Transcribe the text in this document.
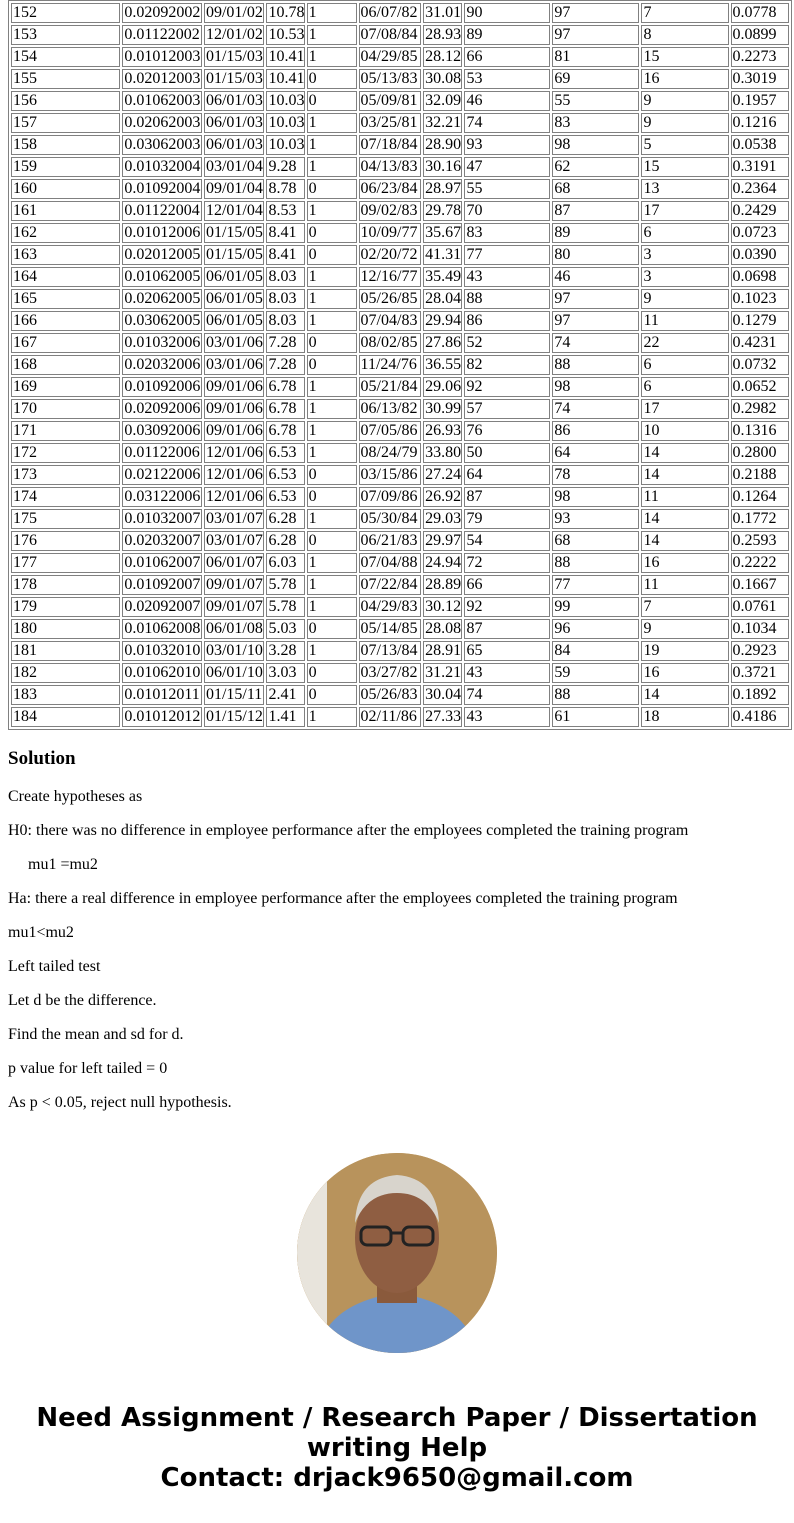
152	0.02092002	09/01/02	10.78	1	06/07/82	31.01	90	97	7	0.0778
153	0.01122002	12/01/02	10.53	1	07/08/84	28.93	89	97	8	0.0899
154	0.01012003	01/15/03	10.41	1	04/29/85	28.12	66	81	15	0.2273
155	0.02012003	01/15/03	10.41	0	05/13/83	30.08	53	69	16	0.3019
156	0.01062003	06/01/03	10.03	0	05/09/81	32.09	46	55	9	0.1957
157	0.02062003	06/01/03	10.03	1	03/25/81	32.21	74	83	9	0.1216
158	0.03062003	06/01/03	10.03	1	07/18/84	28.90	93	98	5	0.0538
159	0.01032004	03/01/04	9.28	1	04/13/83	30.16	47	62	15	0.3191
160	0.01092004	09/01/04	8.78	0	06/23/84	28.97	55	68	13	0.2364
161	0.01122004	12/01/04	8.53	1	09/02/83	29.78	70	87	17	0.2429
162	0.01012006	01/15/05	8.41	0	10/09/77	35.67	83	89	6	0.0723
163	0.02012005	01/15/05	8.41	0	02/20/72	41.31	77	80	3	0.0390
164	0.01062005	06/01/05	8.03	1	12/16/77	35.49	43	46	3	0.0698
165	0.02062005	06/01/05	8.03	1	05/26/85	28.04	88	97	9	0.1023
166	0.03062005	06/01/05	8.03	1	07/04/83	29.94	86	97	11	0.1279
167	0.01032006	03/01/06	7.28	0	08/02/85	27.86	52	74	22	0.4231
168	0.02032006	03/01/06	7.28	0	11/24/76	36.55	82	88	6	0.0732
169	0.01092006	09/01/06	6.78	1	05/21/84	29.06	92	98	6	0.0652
170	0.02092006	09/01/06	6.78	1	06/13/82	30.99	57	74	17	0.2982
171	0.03092006	09/01/06	6.78	1	07/05/86	26.93	76	86	10	0.1316
172	0.01122006	12/01/06	6.53	1	08/24/79	33.80	50	64	14	0.2800
173	0.02122006	12/01/06	6.53	0	03/15/86	27.24	64	78	14	0.2188
174	0.03122006	12/01/06	6.53	0	07/09/86	26.92	87	98	11	0.1264
175	0.01032007	03/01/07	6.28	1	05/30/84	29.03	79	93	14	0.1772
176	0.02032007	03/01/07	6.28	0	06/21/83	29.97	54	68	14	0.2593
177	0.01062007	06/01/07	6.03	1	07/04/88	24.94	72	88	16	0.2222
178	0.01092007	09/01/07	5.78	1	07/22/84	28.89	66	77	11	0.1667
179	0.02092007	09/01/07	5.78	1	04/29/83	30.12	92	99	7	0.0761
180	0.01062008	06/01/08	5.03	0	05/14/85	28.08	87	96	9	0.1034
181	0.01032010	03/01/10	3.28	1	07/13/84	28.91	65	84	19	0.2923
182	0.01062010	06/01/10	3.03	0	03/27/82	31.21	43	59	16	0.3721
183	0.01012011	01/15/11	2.41	0	05/26/83	30.04	74	88	14	0.1892
184	0.01012012	01/15/12	1.41	1	02/11/86	27.33	43	61	18	0.4186
Solution

Create hypotheses as

H0: there was no difference in employee performance after the employees completed the training program

mu1 =mu2

Ha: there a real difference in employee performance after the employees completed the training program

mu1<mu2

Left tailed test

Let d be the difference.

Find the mean and sd for d.

p value for left tailed = 0

As p < 0.05, reject null hypothesis.

Need Assignment / Research Paper / Dissertation
writing Help
Contact: drjack9650@gmail.com
